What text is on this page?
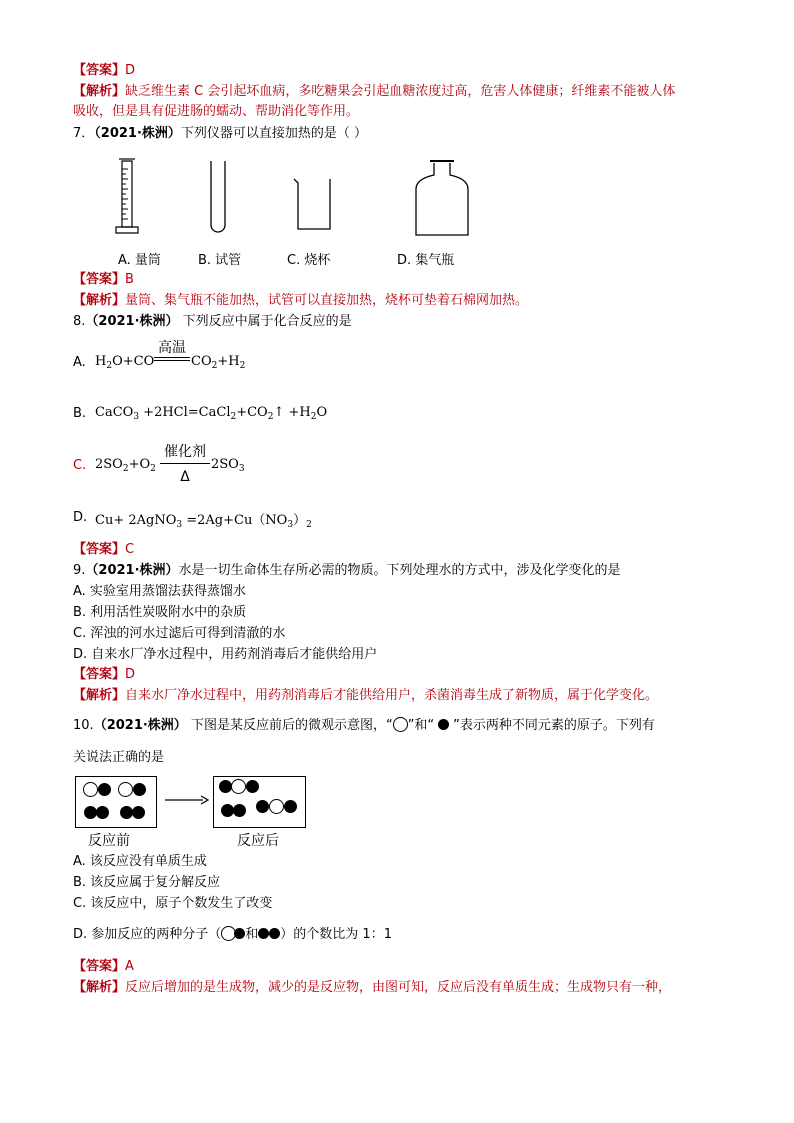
【答案】D
【解析】缺乏维生素 C 会引起坏血病，多吃糖果会引起血糖浓度过高，危害人体健康；纤维素不能被人体
吸收，但是具有促进肠的蠕动、帮助消化等作用。
7．（2021·株洲）下列仪器可以直接加热的是（ ）
A. 量筒	B. 试管	C. 烧杯	D. 集气瓶
【答案】B
【解析】量筒、集气瓶不能加热，试管可以直接加热，烧杯可垫着石棉网加热。
8.（2021·株洲） 下列反应中属于化合反应的是
A. $H_2O+CO$
高温
$CO_2+H_2$
B. CaCO$_3$ $+2HCl=CaCl_2+CO_2↑ +H_2O$
C. $2SO_2+O_2$
催化剂
Δ
$2SO_3$
D. Cu+ 2AgNO$_3$ $=2Ag+Cu(NO_3)_2$
【答案】C
9.（2021·株洲）水是一切生命体生存所必需的物质。下列处理水的方式中，涉及化学变化的是
A. 实验室用蒸馏法获得蒸馏水
B. 利用活性炭吸附水中的杂质
C. 浑浊的河水过滤后可得到清澈的水
D. 自来水厂净水过程中，用药剂消毒后才能供给用户
【答案】D
【解析】自来水厂净水过程中，用药剂消毒后才能供给用户，杀菌消毒生成了新物质，属于化学变化。
10.（2021·株洲） 下图是某反应前后的微观示意图，“ ”和“ ”表示两种不同元素的原子。下列有
关说法正确的是
反应前	反应后
A. 该反应没有单质生成
B. 该反应属于复分解反应
C. 该反应中，原子个数发生了改变
D. 参加反应的两种分子（ 和 ）的个数比为 1：1
【答案】A
【解析】反应后增加的是生成物，减少的是反应物，由图可知，反应后没有单质生成；生成物只有一种，
